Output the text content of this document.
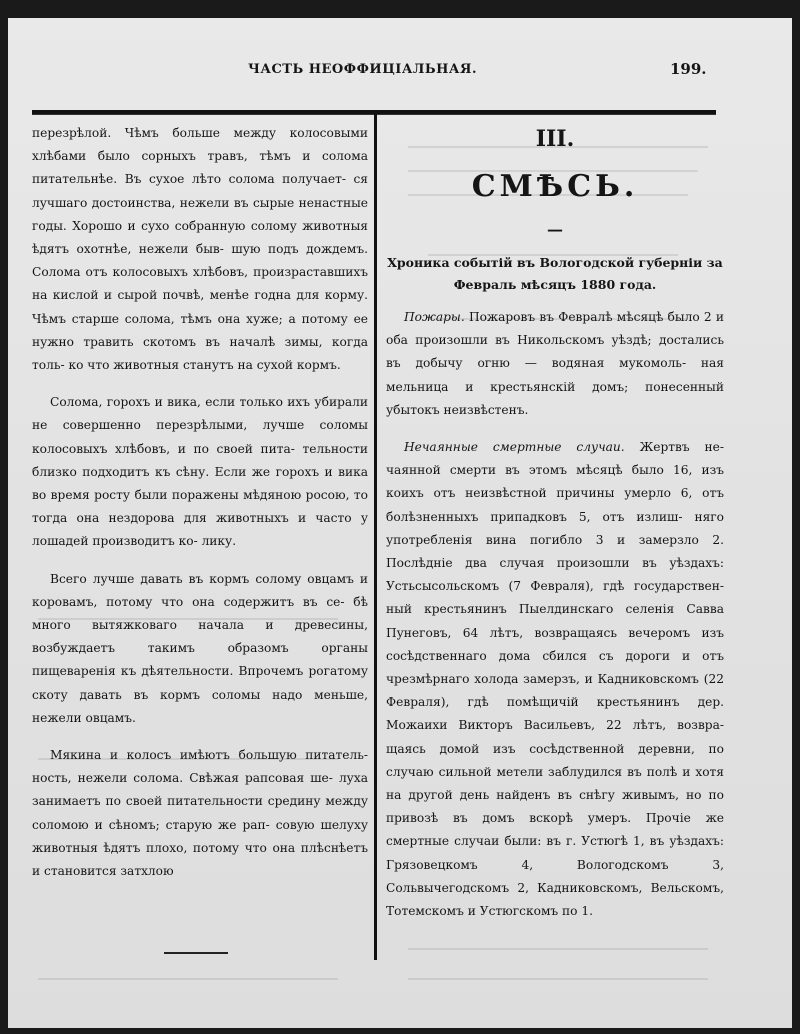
ЧАСТЬ НЕОФФИЦІАЛЬНАЯ.	199.

перезрѣлой. Чѣмъ больше между колосовыми хлѣбами было сорныхъ травъ, тѣмъ и солома питательнѣе. Въ сухое лѣто солома получает- ся лучшаго достоинства, нежели въ сырые ненастные годы. Хорошо и сухо собранную солому животныя ѣдятъ охотнѣе, нежели быв- шую подъ дождемъ. Солома отъ колосовыхъ хлѣбовъ, произраставшихъ на кислой и сырой почвѣ, менѣе годна для корму. Чѣмъ старше солома, тѣмъ она хуже; а потому ее нужно травить скотомъ въ началѣ зимы, когда толь- ко что животныя станутъ на сухой кормъ.

Солома, горохъ и вика, если только ихъ убирали не совершенно перезрѣлыми, лучше соломы колосовыхъ хлѣбовъ, и по своей пита- тельности близко подходитъ къ сѣну. Если же горохъ и вика во время росту были поражены мѣдяною росою, то тогда она нездорова для животныхъ и часто у лошадей производитъ ко- лику.

Всего лучше давать въ кормъ солому овцамъ и коровамъ, потому что она содержитъ въ се- бѣ много вытяжковаго начала и древесины, возбуждаетъ такимъ образомъ органы пищеваренія къ дѣятельности. Впрочемъ рогатому скоту давать въ кормъ соломы надо меньше, нежели овцамъ.

Мякина и колосъ имѣютъ большую питатель- ность, нежели солома. Свѣжая рапсовая ше- луха занимаетъ по своей питательности средину между соломою и сѣномъ; старую же рап- совую шелуху животныя ѣдятъ плохо, потому что она плѣснѣетъ и становится затхлою

III.
СМѢСЬ.
—
Хроника событій въ Вологодской губерніи за Февраль мѣсяцъ 1880 года.

Пожары. Пожаровъ въ Февралѣ мѣсяцѣ было 2 и оба произошли въ Никольскомъ уѣздѣ; достались въ добычу огню — водяная мукомоль- ная мельница и крестьянскій домъ; понесенный убытокъ неизвѣстенъ.

Нечаянные смертные случаи. Жертвъ не- чаянной смерти въ этомъ мѣсяцѣ было 16, изъ коихъ отъ неизвѣстной причины умерло 6, отъ болѣзненныхъ припадковъ 5, отъ излиш- няго употребленія вина погибло 3 и замерзло 2. Послѣдніе два случая произошли въ уѣздахъ: Устьсысольскомъ (7 Февраля), гдѣ государствен- ный крестьянинъ Пыелдинскаго селенія Савва Пунеговъ, 64 лѣтъ, возвращаясь вечеромъ изъ сосѣдственнаго дома сбился съ дороги и отъ чрезмѣрнаго холода замерзъ, и Кадниковскомъ (22 Февраля), гдѣ помѣщичій крестьянинъ дер. Можаихи Викторъ Васильевъ, 22 лѣтъ, возвра- щаясь домой изъ сосѣдственной деревни, по случаю сильной метели заблудился въ полѣ и хотя на другой день найденъ въ снѣгу живымъ, но по привозѣ въ домъ вскорѣ умеръ. Прочіе же смертные случаи были: въ г. Устюгѣ 1, въ уѣздахъ: Грязовецкомъ 4, Вологодскомъ 3, Сольвычегодскомъ 2, Кадниковскомъ, Вельскомъ, Тотемскомъ и Устюгскомъ по 1.
